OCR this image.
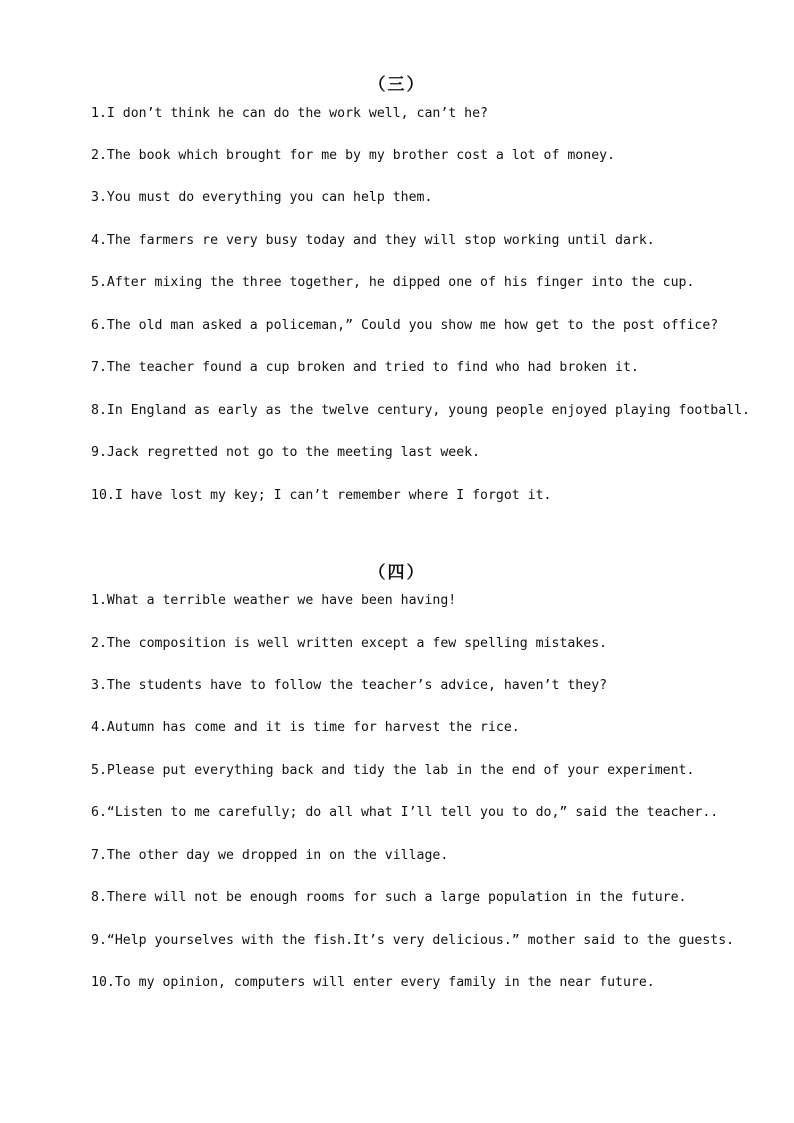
（三）
1.I don’t think he can do the work well, can’t he?
2.The book which brought for me by my brother cost a lot of money.
3.You must do everything you can help them.
4.The farmers re very busy today and they will stop working until dark.
5.After mixing the three together, he dipped one of his finger into the cup.
6.The old man asked a policeman,” Could you show me how get to the post office?
7.The teacher found a cup broken and tried to find who had broken it.
8.In England as early as the twelve century, young people enjoyed playing football.
9.Jack regretted not go to the meeting last week.
10.I have lost my key; I can’t remember where I forgot it.
（四）
1.What a terrible weather we have been having!
2.The composition is well written except a few spelling mistakes.
3.The students have to follow the teacher’s advice, haven’t they?
4.Autumn has come and it is time for harvest the rice.
5.Please put everything back and tidy the lab in the end of your experiment.
6.“Listen to me carefully; do all what I’ll tell you to do,” said the teacher..
7.The other day we dropped in on the village.
8.There will not be enough rooms for such a large population in the future.
9.“Help yourselves with the fish.It’s very delicious.” mother said to the guests.
10.To my opinion, computers will enter every family in the near future.
